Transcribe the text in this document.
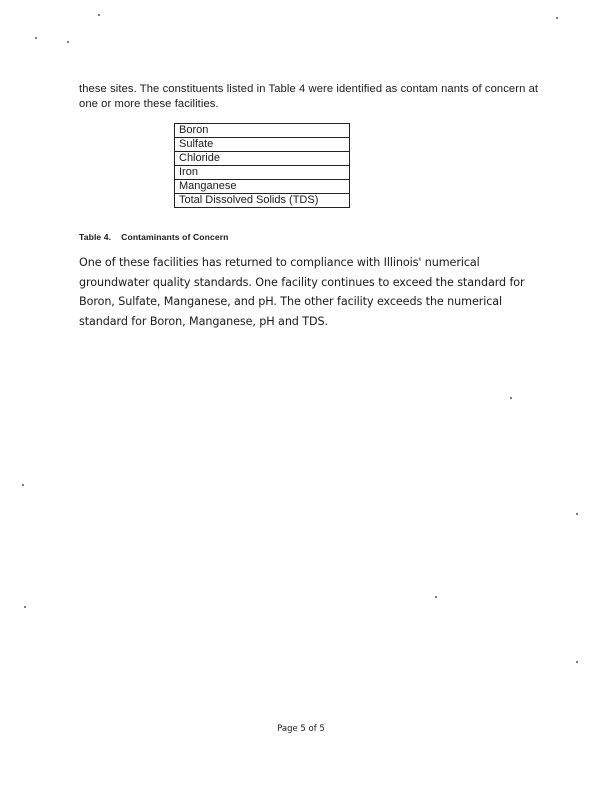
these sites. The constituents listed in Table 4 were identified as contam nants of concern at one or more these facilities.

Boron
Sulfate
Chloride
Iron
Manganese
Total Dissolved Solids (TDS)
Table 4. Contaminants of Concern

One of these facilities has returned to compliance with Illinois' numerical groundwater quality standards. One facility continues to exceed the standard for Boron, Sulfate, Manganese, and pH. The other facility exceeds the numerical standard for Boron, Manganese, pH and TDS.

Page 5 of 5
